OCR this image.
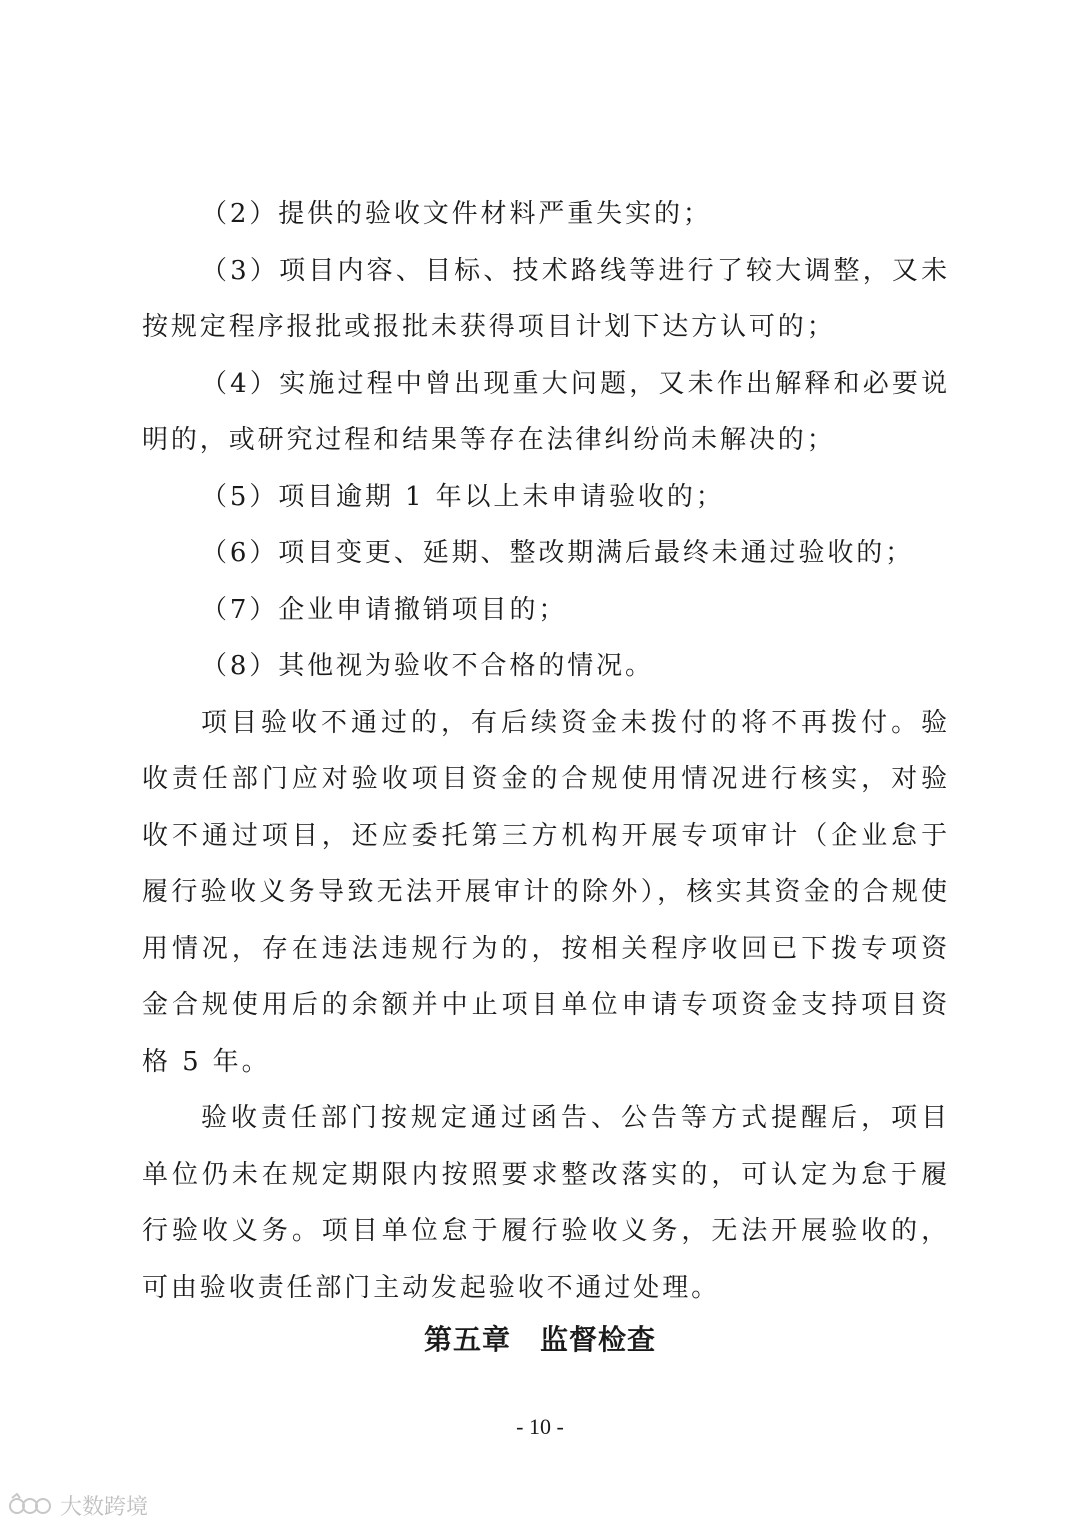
（2）提供的验收文件材料严重失实的；

（3）项目内容、目标、技术路线等进行了较大调整，又未按规定程序报批或报批未获得项目计划下达方认可的；

（4）实施过程中曾出现重大问题，又未作出解释和必要说明的，或研究过程和结果等存在法律纠纷尚未解决的；

（5）项目逾期 1 年以上未申请验收的；

（6）项目变更、延期、整改期满后最终未通过验收的；

（7）企业申请撤销项目的；

（8）其他视为验收不合格的情况。

项目验收不通过的，有后续资金未拨付的将不再拨付。验收责任部门应对验收项目资金的合规使用情况进行核实，对验收不通过项目，还应委托第三方机构开展专项审计（企业怠于履行验收义务导致无法开展审计的除外），核实其资金的合规使用情况，存在违法违规行为的，按相关程序收回已下拨专项资金合规使用后的余额并中止项目单位申请专项资金支持项目资格 5 年。

验收责任部门按规定通过函告、公告等方式提醒后，项目单位仍未在规定期限内按照要求整改落实的，可认定为怠于履行验收义务。项目单位怠于履行验收义务，无法开展验收的，可由验收责任部门主动发起验收不通过处理。

第五章　监督检查
- 10 -
大数跨境
